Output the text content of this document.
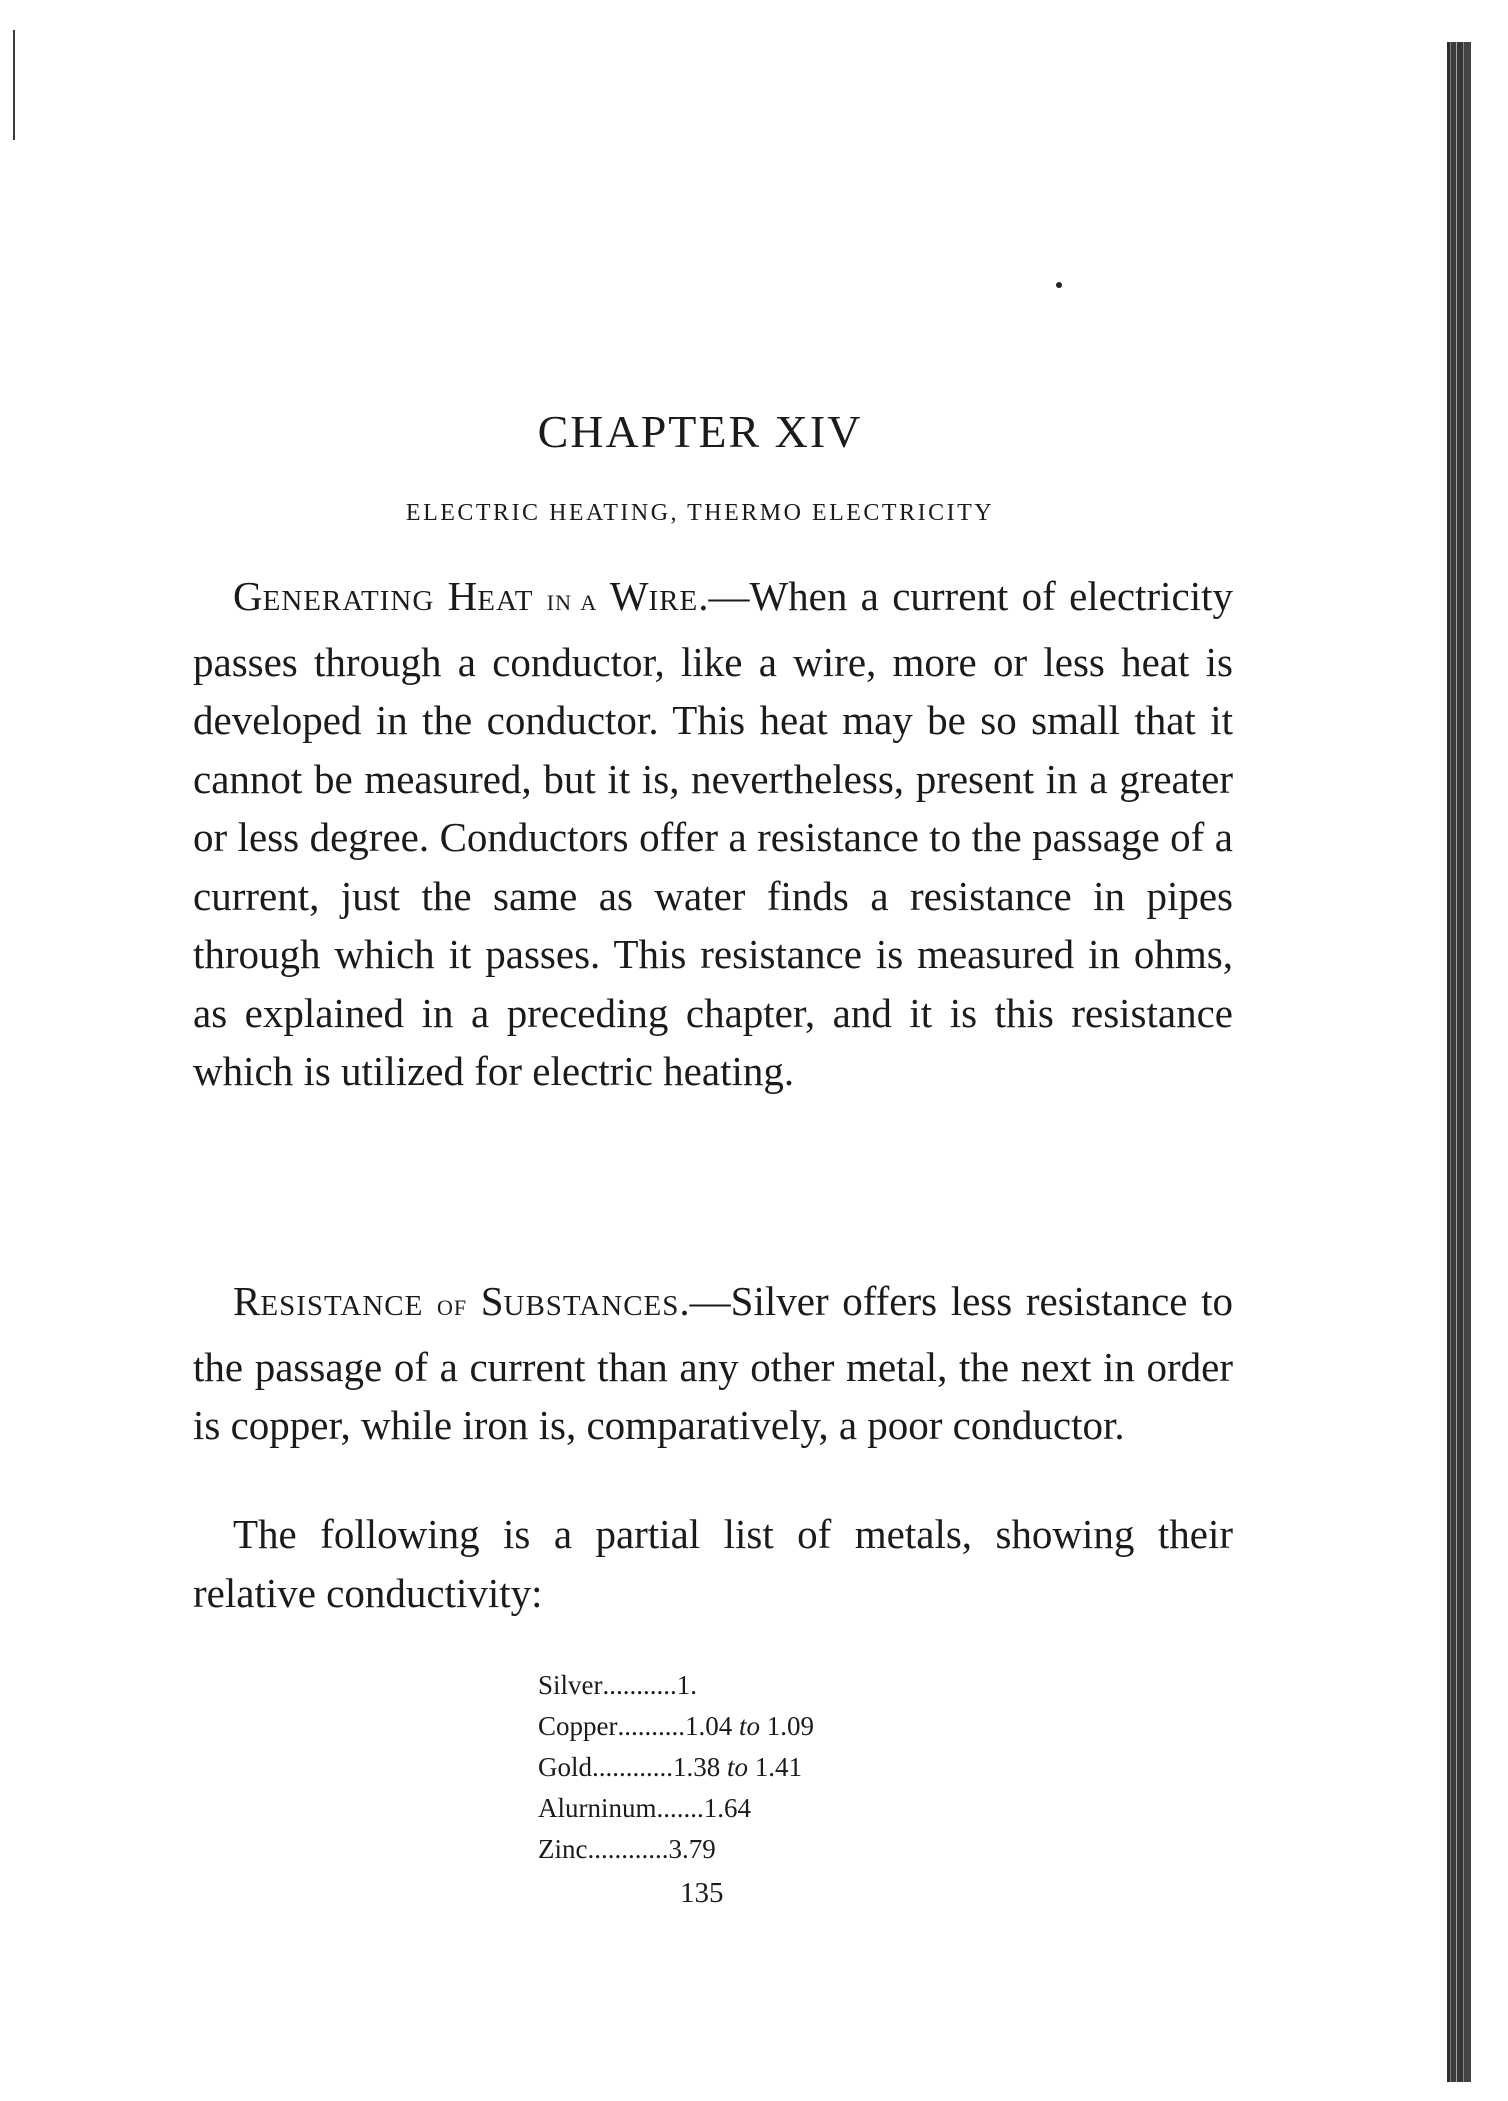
CHAPTER XIV
ELECTRIC HEATING, THERMO ELECTRICITY

GENERATING HEAT IN A WIRE.—When a current of electricity passes through a conductor, like a wire, more or less heat is developed in the conductor. This heat may be so small that it cannot be measured, but it is, nevertheless, present in a greater or less degree. Conductors offer a resistance to the passage of a current, just the same as water finds a resistance in pipes through which it passes. This resistance is measured in ohms, as explained in a preceding chapter, and it is this resistance which is utilized for electric heating.

RESISTANCE OF SUBSTANCES.—Silver offers less resistance to the passage of a current than any other metal, the next in order is copper, while iron is, comparatively, a poor conductor.

The following is a partial list of metals, showing their relative conductivity:

Silver ........... 1.
Copper .......... 1.04 to 1.09
Gold ............ 1.38 to 1.41
Alurninum ....... 1.64
Zinc ............ 3.79

135
